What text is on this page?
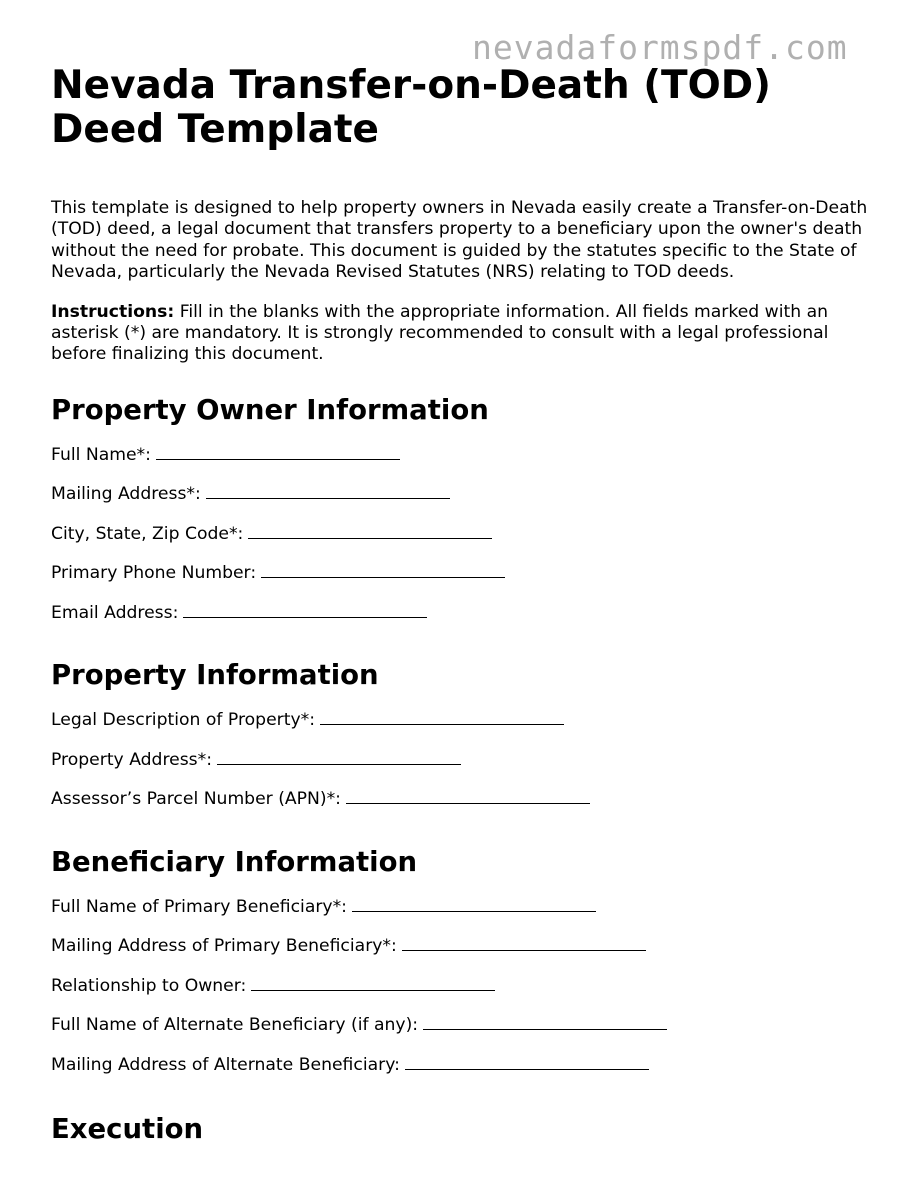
nevadaformspdf.com
Nevada Transfer-on-Death (TOD) Deed Template

This template is designed to help property owners in Nevada easily create a Transfer-on-Death (TOD) deed, a legal document that transfers property to a beneficiary upon the owner's death without the need for probate. This document is guided by the statutes specific to the State of Nevada, particularly the Nevada Revised Statutes (NRS) relating to TOD deeds.

Instructions: Fill in the blanks with the appropriate information. All fields marked with an asterisk (*) are mandatory. It is strongly recommended to consult with a legal professional before finalizing this document.

Property Owner Information
Full Name*:
Mailing Address*:
City, State, Zip Code*:
Primary Phone Number:
Email Address:
Property Information
Legal Description of Property*:
Property Address*:
Assessor’s Parcel Number (APN)*:
Beneficiary Information
Full Name of Primary Beneficiary*:
Mailing Address of Primary Beneficiary*:
Relationship to Owner:
Full Name of Alternate Beneficiary (if any):
Mailing Address of Alternate Beneficiary:
Execution
